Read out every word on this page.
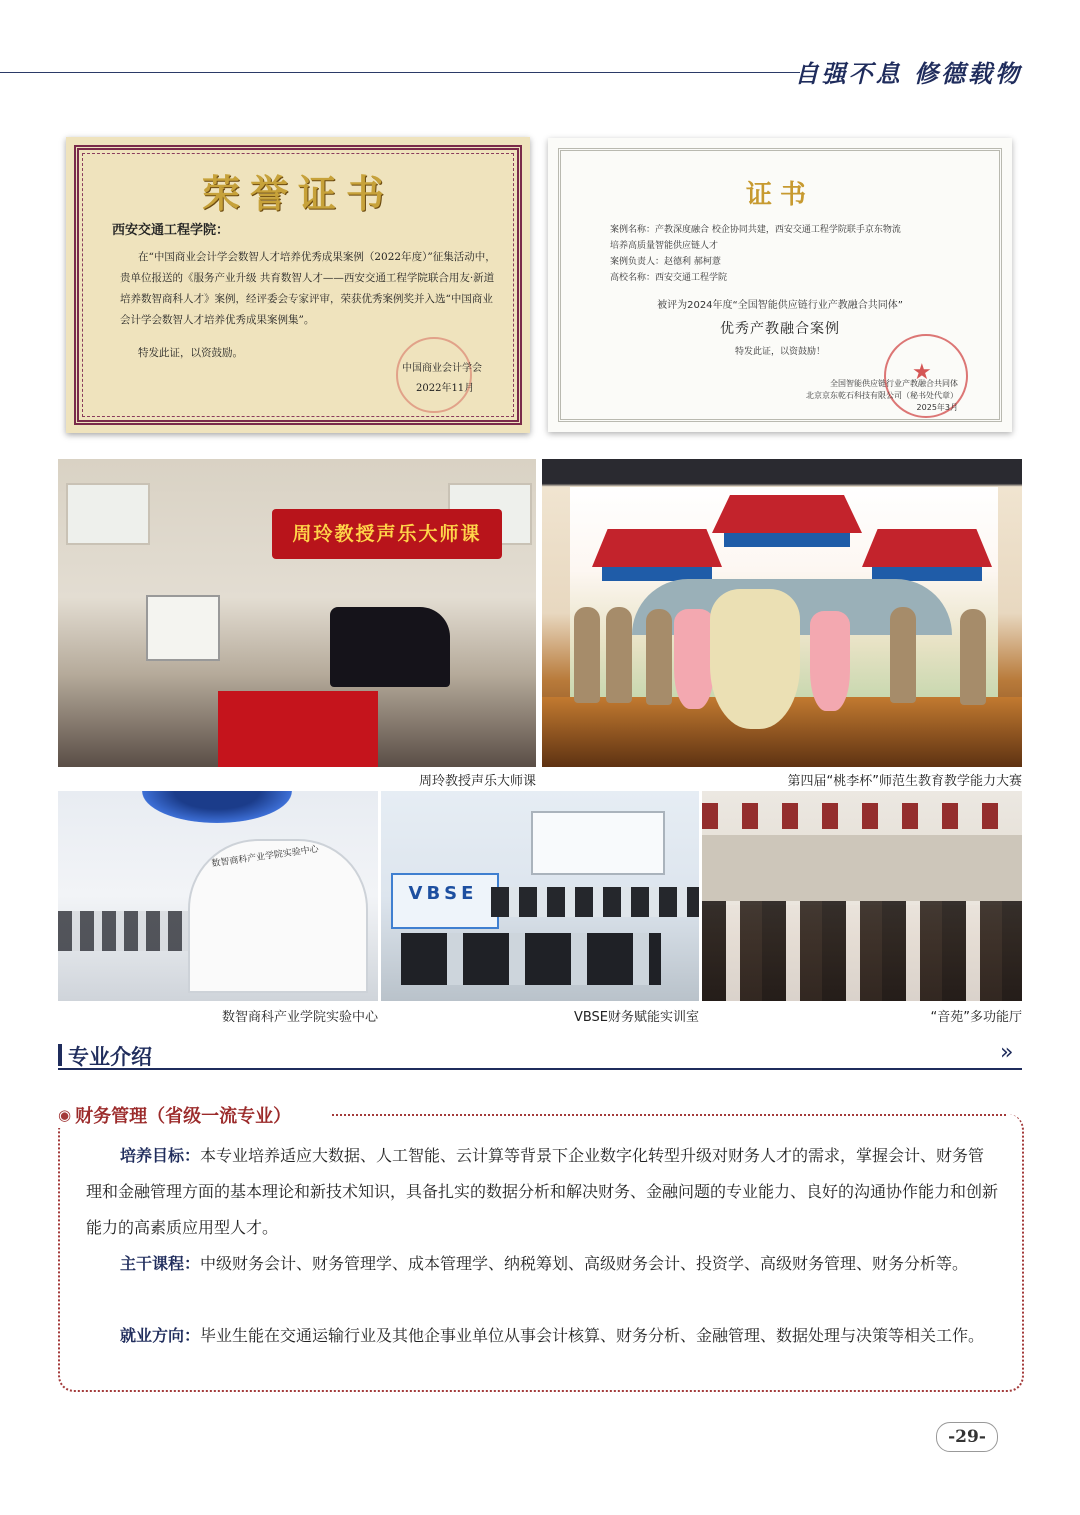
自强不息 修德载物
荣誉证书
西安交通工程学院：
在“中国商业会计学会数智人才培养优秀成果案例（2022年度）”征集活动中，贵单位报送的《服务产业升级 共育数智人才——西安交通工程学院联合用友·新道培养数智商科人才》案例，经评委会专家评审，荣获优秀案例奖并入选“中国商业会计学会数智人才培养优秀成果案例集”。
特发此证，以资鼓励。
中国商业会计学会
2022年11月
★
证书
案例名称：产教深度融合 校企协同共建，西安交通工程学院联手京东物流
培养高质量智能供应链人才
案例负责人：赵德利 郝柯薏
高校名称：西安交通工程学院
被评为2024年度“全国智能供应链行业产教融合共同体”
优秀产教融合案例
特发此证，以资鼓励！
全国智能供应链行业产教融合共同体
北京京东乾石科技有限公司（秘书处代章）
2025年3月
周玲教授声乐大师课
周玲教授声乐大师课	第四届“桃李杯”师范生教育教学能力大赛
数智商科产业学院实验中心
数智商科产业学院实验中心
VBSE
VBSE财务赋能实训室	“音苑”多功能厅
专业介绍	»
◉ 财务管理（省级一流专业）
培养目标：本专业培养适应大数据、人工智能、云计算等背景下企业数字化转型升级对财务人才的需求，掌握会计、财务管理和金融管理方面的基本理论和新技术知识，具备扎实的数据分析和解决财务、金融问题的专业能力、良好的沟通协作能力和创新能力的高素质应用型人才。
主干课程：中级财务会计、财务管理学、成本管理学、纳税筹划、高级财务会计、投资学、高级财务管理、财务分析等。
就业方向：毕业生能在交通运输行业及其他企事业单位从事会计核算、财务分析、金融管理、数据处理与决策等相关工作。
-29-
